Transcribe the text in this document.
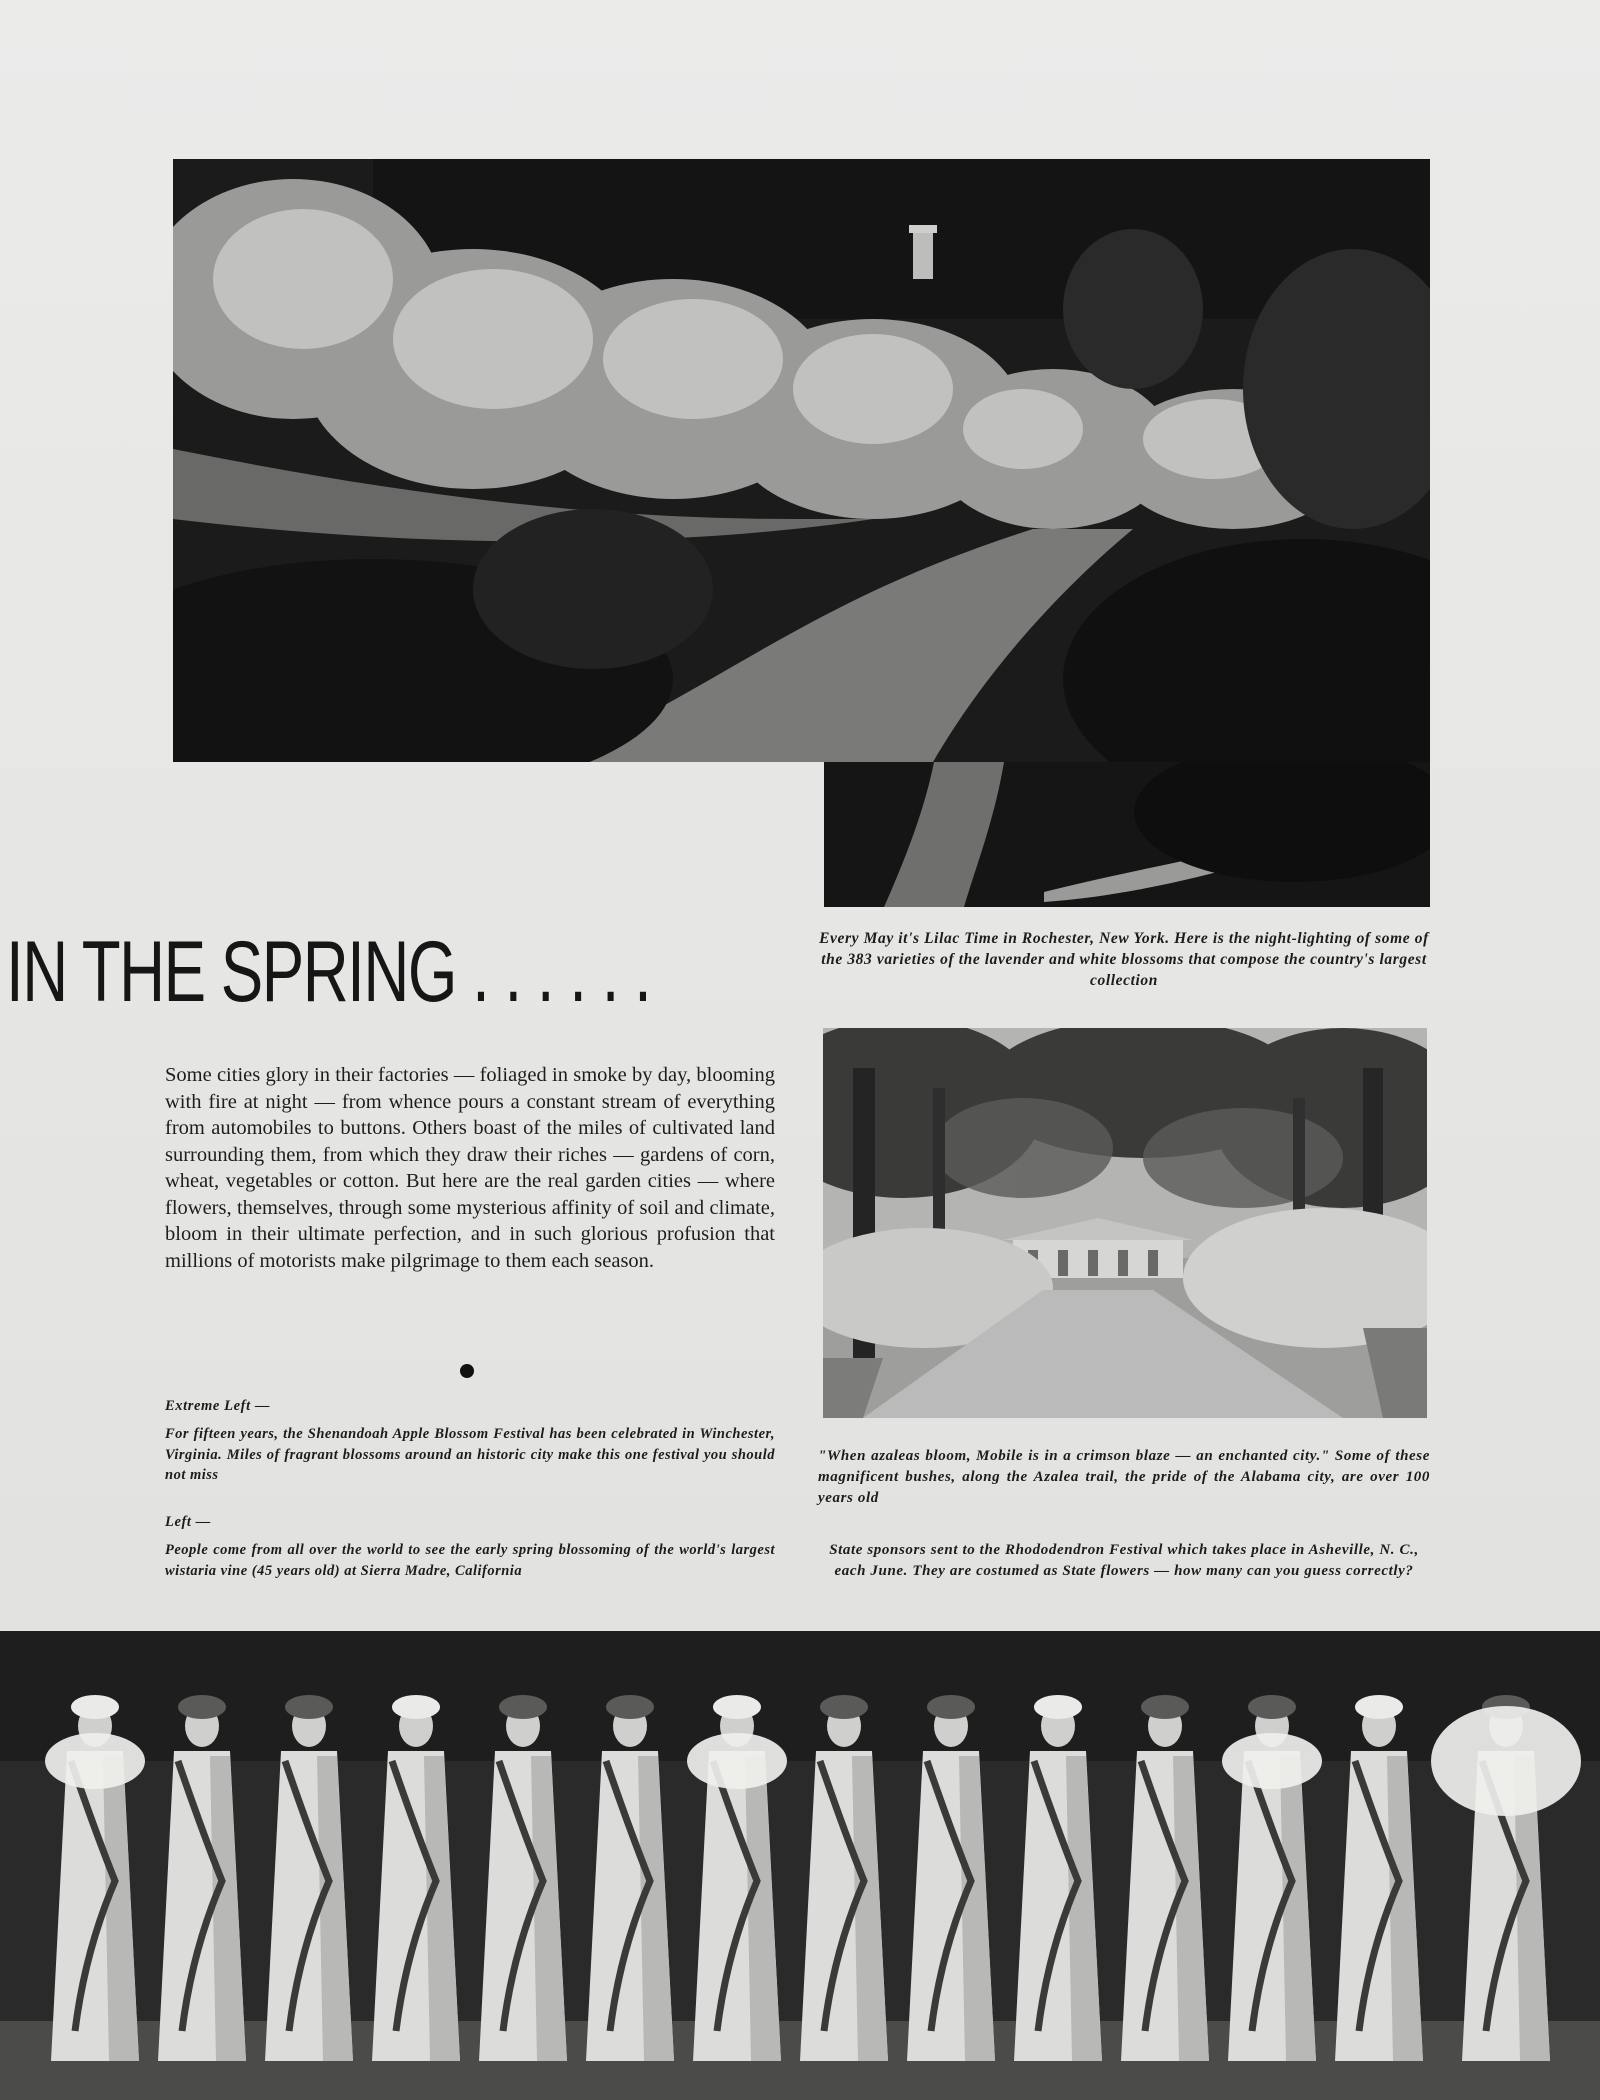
IN THE SPRING . . . . . .	Every May it's Lilac Time in Rochester, New York. Here is the night-lighting of some of the 383 varieties of the lavender and white blossoms that compose the country's largest collection
Some cities glory in their factories — foliaged in smoke by day, blooming with fire at night — from whence pours a constant stream of everything from automobiles to buttons. Others boast of the miles of cultivated land surrounding them, from which they draw their riches — gardens of corn, wheat, vegetables or cotton. But here are the real garden cities — where flowers, themselves, through some mysterious affinity of soil and climate, bloom in their ultimate perfection, and in such glorious profusion that millions of motorists make pilgrimage to them each season.
Extreme Left —
For fifteen years, the Shenandoah Apple Blossom Festival has been celebrated in Winchester, Virginia. Miles of fragrant blossoms around an historic city make this one festival you should not miss
Left —
People come from all over the world to see the early spring blossoming of the world's largest wistaria vine (45 years old) at Sierra Madre, California
"When azaleas bloom, Mobile is in a crimson blaze — an enchanted city." Some of these magnificent bushes, along the Azalea trail, the pride of the Alabama city, are over 100 years old
State sponsors sent to the Rhododendron Festival which takes place in Asheville, N. C., each June. They are costumed as State flowers — how many can you guess correctly?
